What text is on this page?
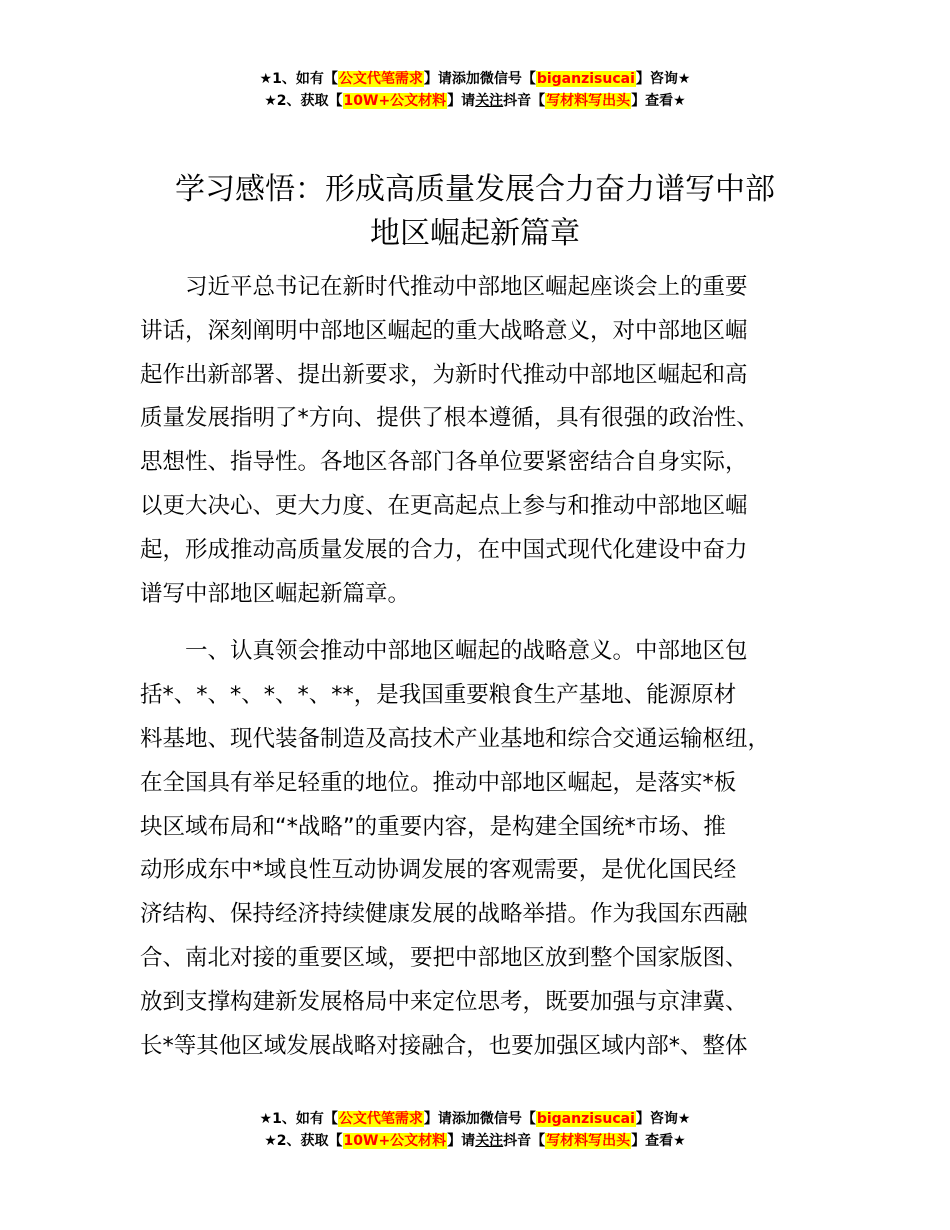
★1、如有【公文代笔需求】请添加微信号【biganzisucai】咨询★
★2、获取【10W+公文材料】请关注抖音【写材料写出头】查看★
学习感悟：形成高质量发展合力奋力谱写中部
地区崛起新篇章

习近平总书记在新时代推动中部地区崛起座谈会上的重要
讲话，深刻阐明中部地区崛起的重大战略意义，对中部地区崛
起作出新部署、提出新要求，为新时代推动中部地区崛起和高
质量发展指明了*方向、提供了根本遵循，具有很强的政治性、
思想性、指导性。各地区各部门各单位要紧密结合自身实际，
以更大决心、更大力度、在更高起点上参与和推动中部地区崛
起，形成推动高质量发展的合力，在中国式现代化建设中奋力
谱写中部地区崛起新篇章。

一、认真领会推动中部地区崛起的战略意义。中部地区包
括*、*、*、*、*、**，是我国重要粮食生产基地、能源原材
料基地、现代装备制造及高技术产业基地和综合交通运输枢纽，
在全国具有举足轻重的地位。推动中部地区崛起，是落实*板
块区域布局和“*战略”的重要内容，是构建全国统*市场、推
动形成东中*域良性互动协调发展的客观需要，是优化国民经
济结构、保持经济持续健康发展的战略举措。作为我国东西融
合、南北对接的重要区域，要把中部地区放到整个国家版图、
放到支撑构建新发展格局中来定位思考，既要加强与京津冀、
长*等其他区域发展战略对接融合，也要加强区域内部*、整体

★1、如有【公文代笔需求】请添加微信号【biganzisucai】咨询★
★2、获取【10W+公文材料】请关注抖音【写材料写出头】查看★
